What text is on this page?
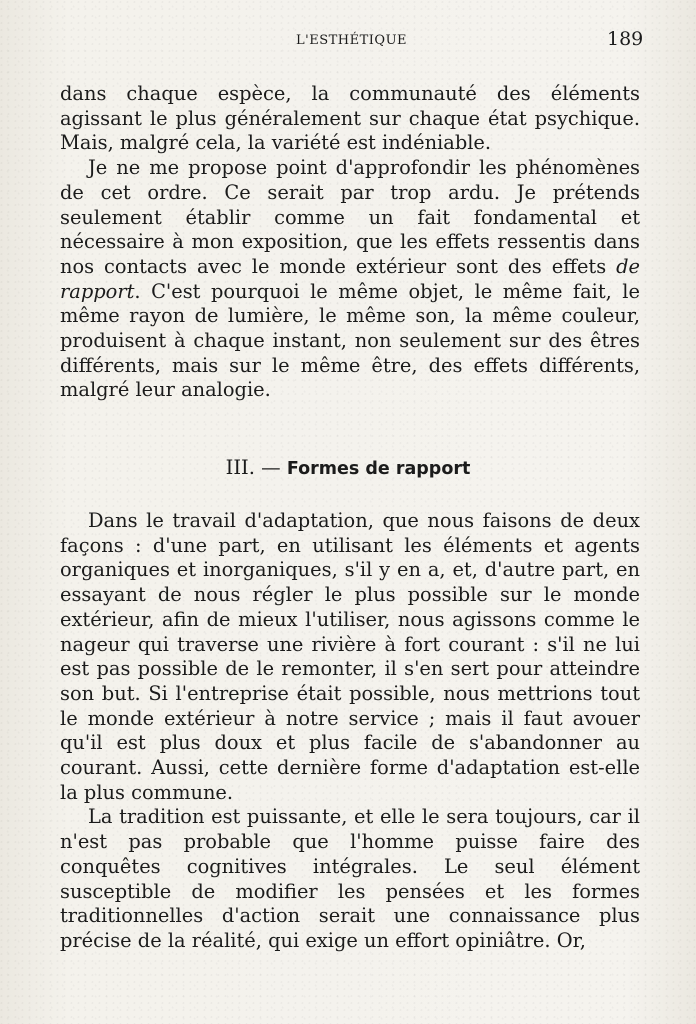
L'ESTHÉTIQUE	189

dans chaque espèce, la communauté des éléments agissant le plus généralement sur chaque état psychique. Mais, malgré cela, la variété est indéniable.

Je ne me propose point d'approfondir les phénomènes de cet ordre. Ce serait par trop ardu. Je prétends seulement établir comme un fait fondamental et nécessaire à mon exposition, que les effets ressentis dans nos contacts avec le monde extérieur sont des effets de rapport. C'est pourquoi le même objet, le même fait, le même rayon de lumière, le même son, la même couleur, produisent à chaque instant, non seulement sur des êtres différents, mais sur le même être, des effets différents, malgré leur analogie.

III. — Formes de rapport

Dans le travail d'adaptation, que nous faisons de deux façons : d'une part, en utilisant les éléments et agents organiques et inorganiques, s'il y en a, et, d'autre part, en essayant de nous régler le plus possible sur le monde extérieur, afin de mieux l'utiliser, nous agissons comme le nageur qui traverse une rivière à fort courant : s'il ne lui est pas possible de le remonter, il s'en sert pour atteindre son but. Si l'entreprise était possible, nous mettrions tout le monde extérieur à notre service ; mais il faut avouer qu'il est plus doux et plus facile de s'abandonner au courant. Aussi, cette dernière forme d'adaptation est-elle la plus commune.

La tradition est puissante, et elle le sera toujours, car il n'est pas probable que l'homme puisse faire des conquêtes cognitives intégrales. Le seul élément susceptible de modifier les pensées et les formes traditionnelles d'action serait une connaissance plus précise de la réalité, qui exige un effort opiniâtre. Or,
